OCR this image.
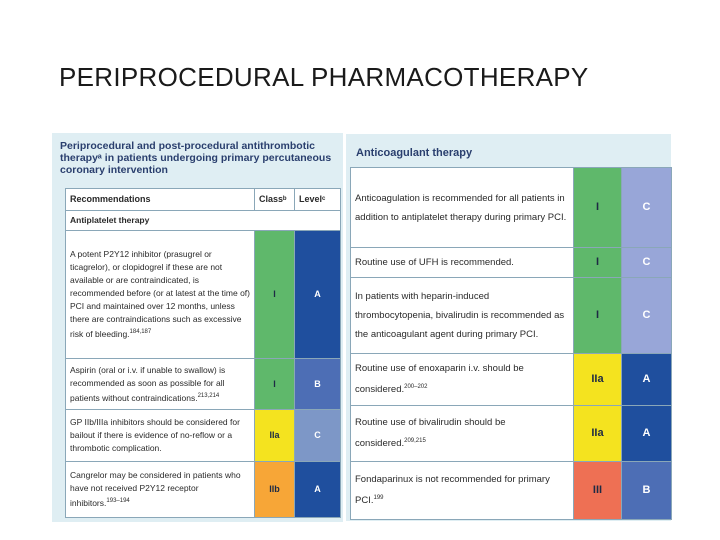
PERIPROCEDURAL PHARMACOTHERAPY
Periprocedural and post-procedural antithrombotic therapyᵃ in patients undergoing primary percutaneous coronary intervention
Recommendations	Classᵇ	Levelᶜ
Antiplatelet therapy		
A potent P2Y12 inhibitor (prasugrel or ticagrelor), or clopidogrel if these are not available or are contraindicated, is recommended before (or at latest at the time of) PCI and maintained over 12 months, unless there are contraindications such as excessive risk of bleeding.$^{184,187}$	I	A
Aspirin (oral or i.v. if unable to swallow) is recommended as soon as possible for all patients without contraindications.$^{213,214}$	I	B
GP IIb/IIIa inhibitors should be considered for bailout if there is evidence of no-reflow or a thrombotic complication.	IIa	C
Cangrelor may be considered in patients who have not received P2Y12 receptor inhibitors.$^{193-194}$	IIb	A
Anticoagulant therapy
Anticoagulation is recommended for all patients in addition to antiplatelet therapy during primary PCI.	I	C
Routine use of UFH is recommended.	I	C
In patients with heparin-induced thrombocytopenia, bivalirudin is recommended as the anticoagulant agent during primary PCI.	I	C
Routine use of enoxaparin i.v. should be considered.$^{200-202}$	IIa	A
Routine use of bivalirudin should be considered.$^{209,215}$	IIa	A
Fondaparinux is not recommended for primary PCI.$^{199}$	III	B
